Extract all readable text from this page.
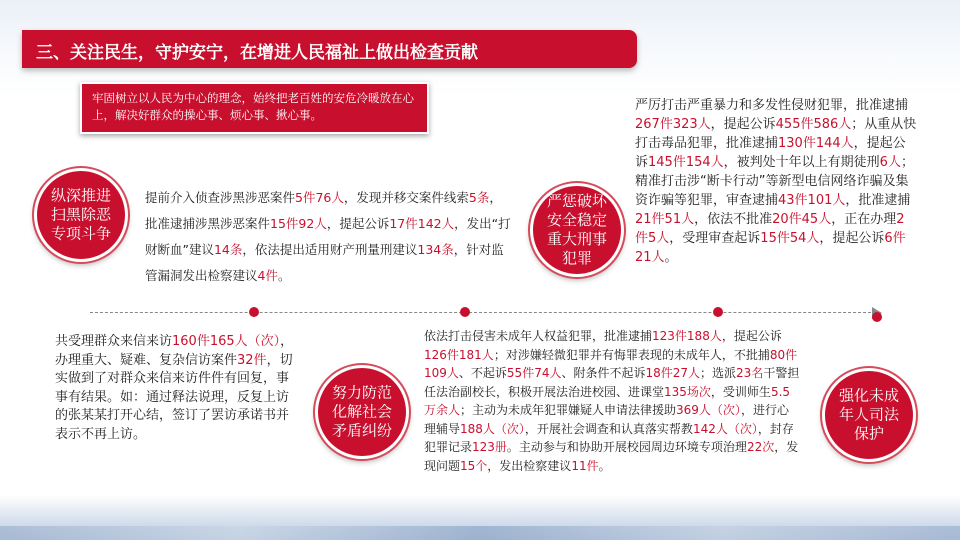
三、关注民生，守护安宁，在增进人民福祉上做出检查贡献
牢固树立以人民为中心的理念，始终把老百姓的安危冷暖放在心上，解决好群众的操心事、烦心事、揪心事。
纵深推进扫黑除恶专项斗争
严惩破坏安全稳定重大刑事犯罪
努力防范化解社会矛盾纠纷
强化未成年人司法保护
提前介入侦查涉黑涉恶案件5件76人，发现并移交案件线索5条，批准逮捕涉黑涉恶案件15件92人，提起公诉17件142人，发出“打财断血”建议14条，依法提出适用财产刑量刑建议134条，针对监管漏洞发出检察建议4件。
严厉打击严重暴力和多发性侵财犯罪，批准逮捕267件323人，提起公诉455件586人；从重从快打击毒品犯罪，批准逮捕130件144人，提起公诉145件154人，被判处十年以上有期徒刑6人；精准打击涉“断卡行动”等新型电信网络诈骗及集资诈骗等犯罪，审查逮捕43件101人，批准逮捕21件51人，依法不批准20件45人，正在办理2件5人，受理审查起诉15件54人，提起公诉6件21人。
共受理群众来信来访160件165人（次），办理重大、疑难、复杂信访案件32件，切实做到了对群众来信来访件件有回复，事事有结果。如：通过释法说理，反复上访的张某某打开心结，签订了罢访承诺书并表示不再上访。
依法打击侵害未成年人权益犯罪，批准逮捕123件188人，提起公诉126件181人；对涉嫌轻微犯罪并有悔罪表现的未成年人，不批捕80件109人、不起诉55件74人、附条件不起诉18件27人；选派23名干警担任法治副校长，积极开展法治进校园、进课堂135场次，受训师生5.5万余人；主动为未成年犯罪嫌疑人申请法律援助369人（次），进行心理辅导188人（次），开展社会调查和认真落实帮教142人（次），封存犯罪记录123册。主动参与和协助开展校园周边环境专项治理22次，发现问题15个，发出检察建议11件。
